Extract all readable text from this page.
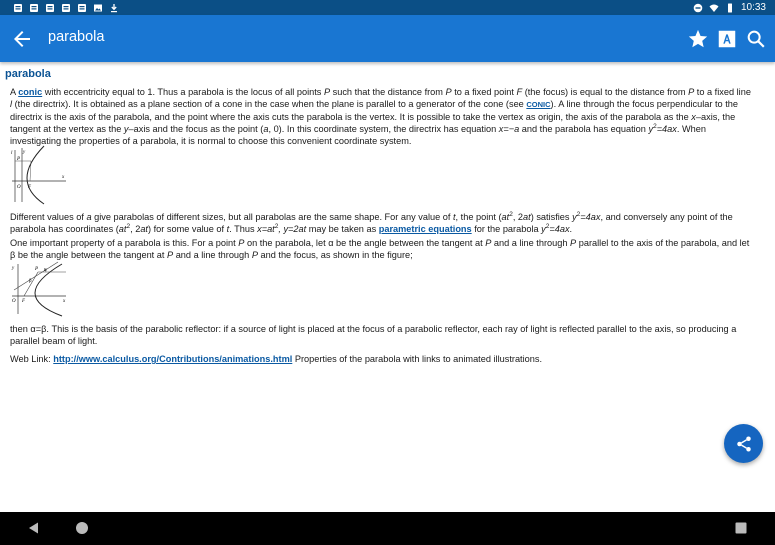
10:33
parabola
parabola

A conic with eccentricity equal to 1. Thus a parabola is the locus of all points P such that the distance from P to a fixed point F (the focus) is equal to the distance from P to a fixed line l (the directrix). It is obtained as a plane section of a cone in the case when the plane is parallel to a generator of the cone (see CONIC). A line through the focus perpendicular to the directrix is the axis of the parabola, and the point where the axis cuts the parabola is the vertex. It is possible to take the vertex as origin, the axis of the parabola as the x–axis, the tangent at the vertex as the y–axis and the focus as the point (a, 0). In this coordinate system, the directrix has equation x=−a and the parabola has equation $y^2=4ax$. When investigating the properties of a parabola, it is normal to choose this convenient coordinate system.

y
l
P
O F
x

Different values of a give parabolas of different sizes, but all parabolas are the same shape. For any value of t, the point ($at^2$, 2at) satisfies $y^2=4ax$, and conversely any point of the parabola has coordinates ($at^2$, 2at) for some value of t. Thus $x=at^2$, y=2at may be taken as parametric equations for the parabola $y^2=4ax$.

One important property of a parabola is this. For a point P on the parabola, let α be the angle between the tangent at P and a line through P parallel to the axis of the parabola, and let β be the angle between the tangent at P and a line through P and the focus, as shown in the figure;

y	P α
β
O F	x

then α=β. This is the basis of the parabolic reflector: if a source of light is placed at the focus of a parabolic reflector, each ray of light is reflected parallel to the axis, so producing a parallel beam of light.

Web Link: http://www.calculus.org/Contributions/animations.html Properties of the parabola with links to animated illustrations.
